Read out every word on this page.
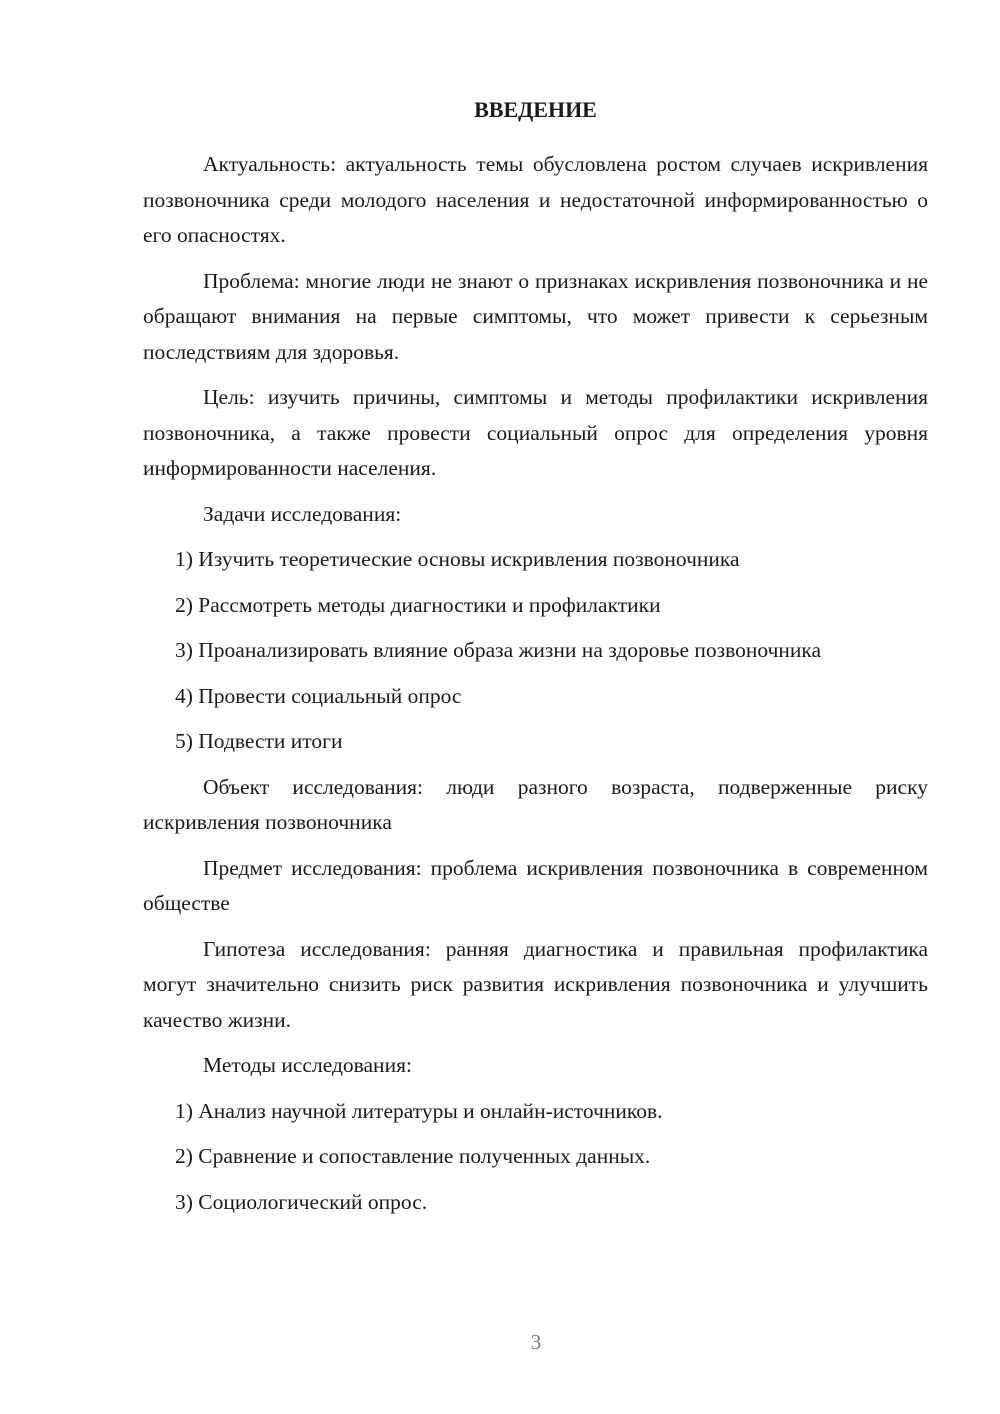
ВВЕДЕНИЕ

Актуальность: актуальность темы обусловлена ростом случаев искривления позвоночника среди молодого населения и недостаточной информированностью о его опасностях.

Проблема: многие люди не знают о признаках искривления позвоночника и не обращают внимания на первые симптомы, что может привести к серьезным последствиям для здоровья.

Цель: изучить причины, симптомы и методы профилактики искривления позвоночника, а также провести социальный опрос для определения уровня информированности населения.

Задачи исследования:

1) Изучить теоретические основы искривления позвоночника

2) Рассмотреть методы диагностики и профилактики

3) Проанализировать влияние образа жизни на здоровье позвоночника

4) Провести социальный опрос

5) Подвести итоги

Объект исследования: люди разного возраста, подверженные риску искривления позвоночника

Предмет исследования: проблема искривления позвоночника в современном обществе

Гипотеза исследования: ранняя диагностика и правильная профилактика могут значительно снизить риск развития искривления позвоночника и улучшить качество жизни.

Методы исследования:

1) Анализ научной литературы и онлайн-источников.

2) Сравнение и сопоставление полученных данных.

3) Социологический опрос.

3
